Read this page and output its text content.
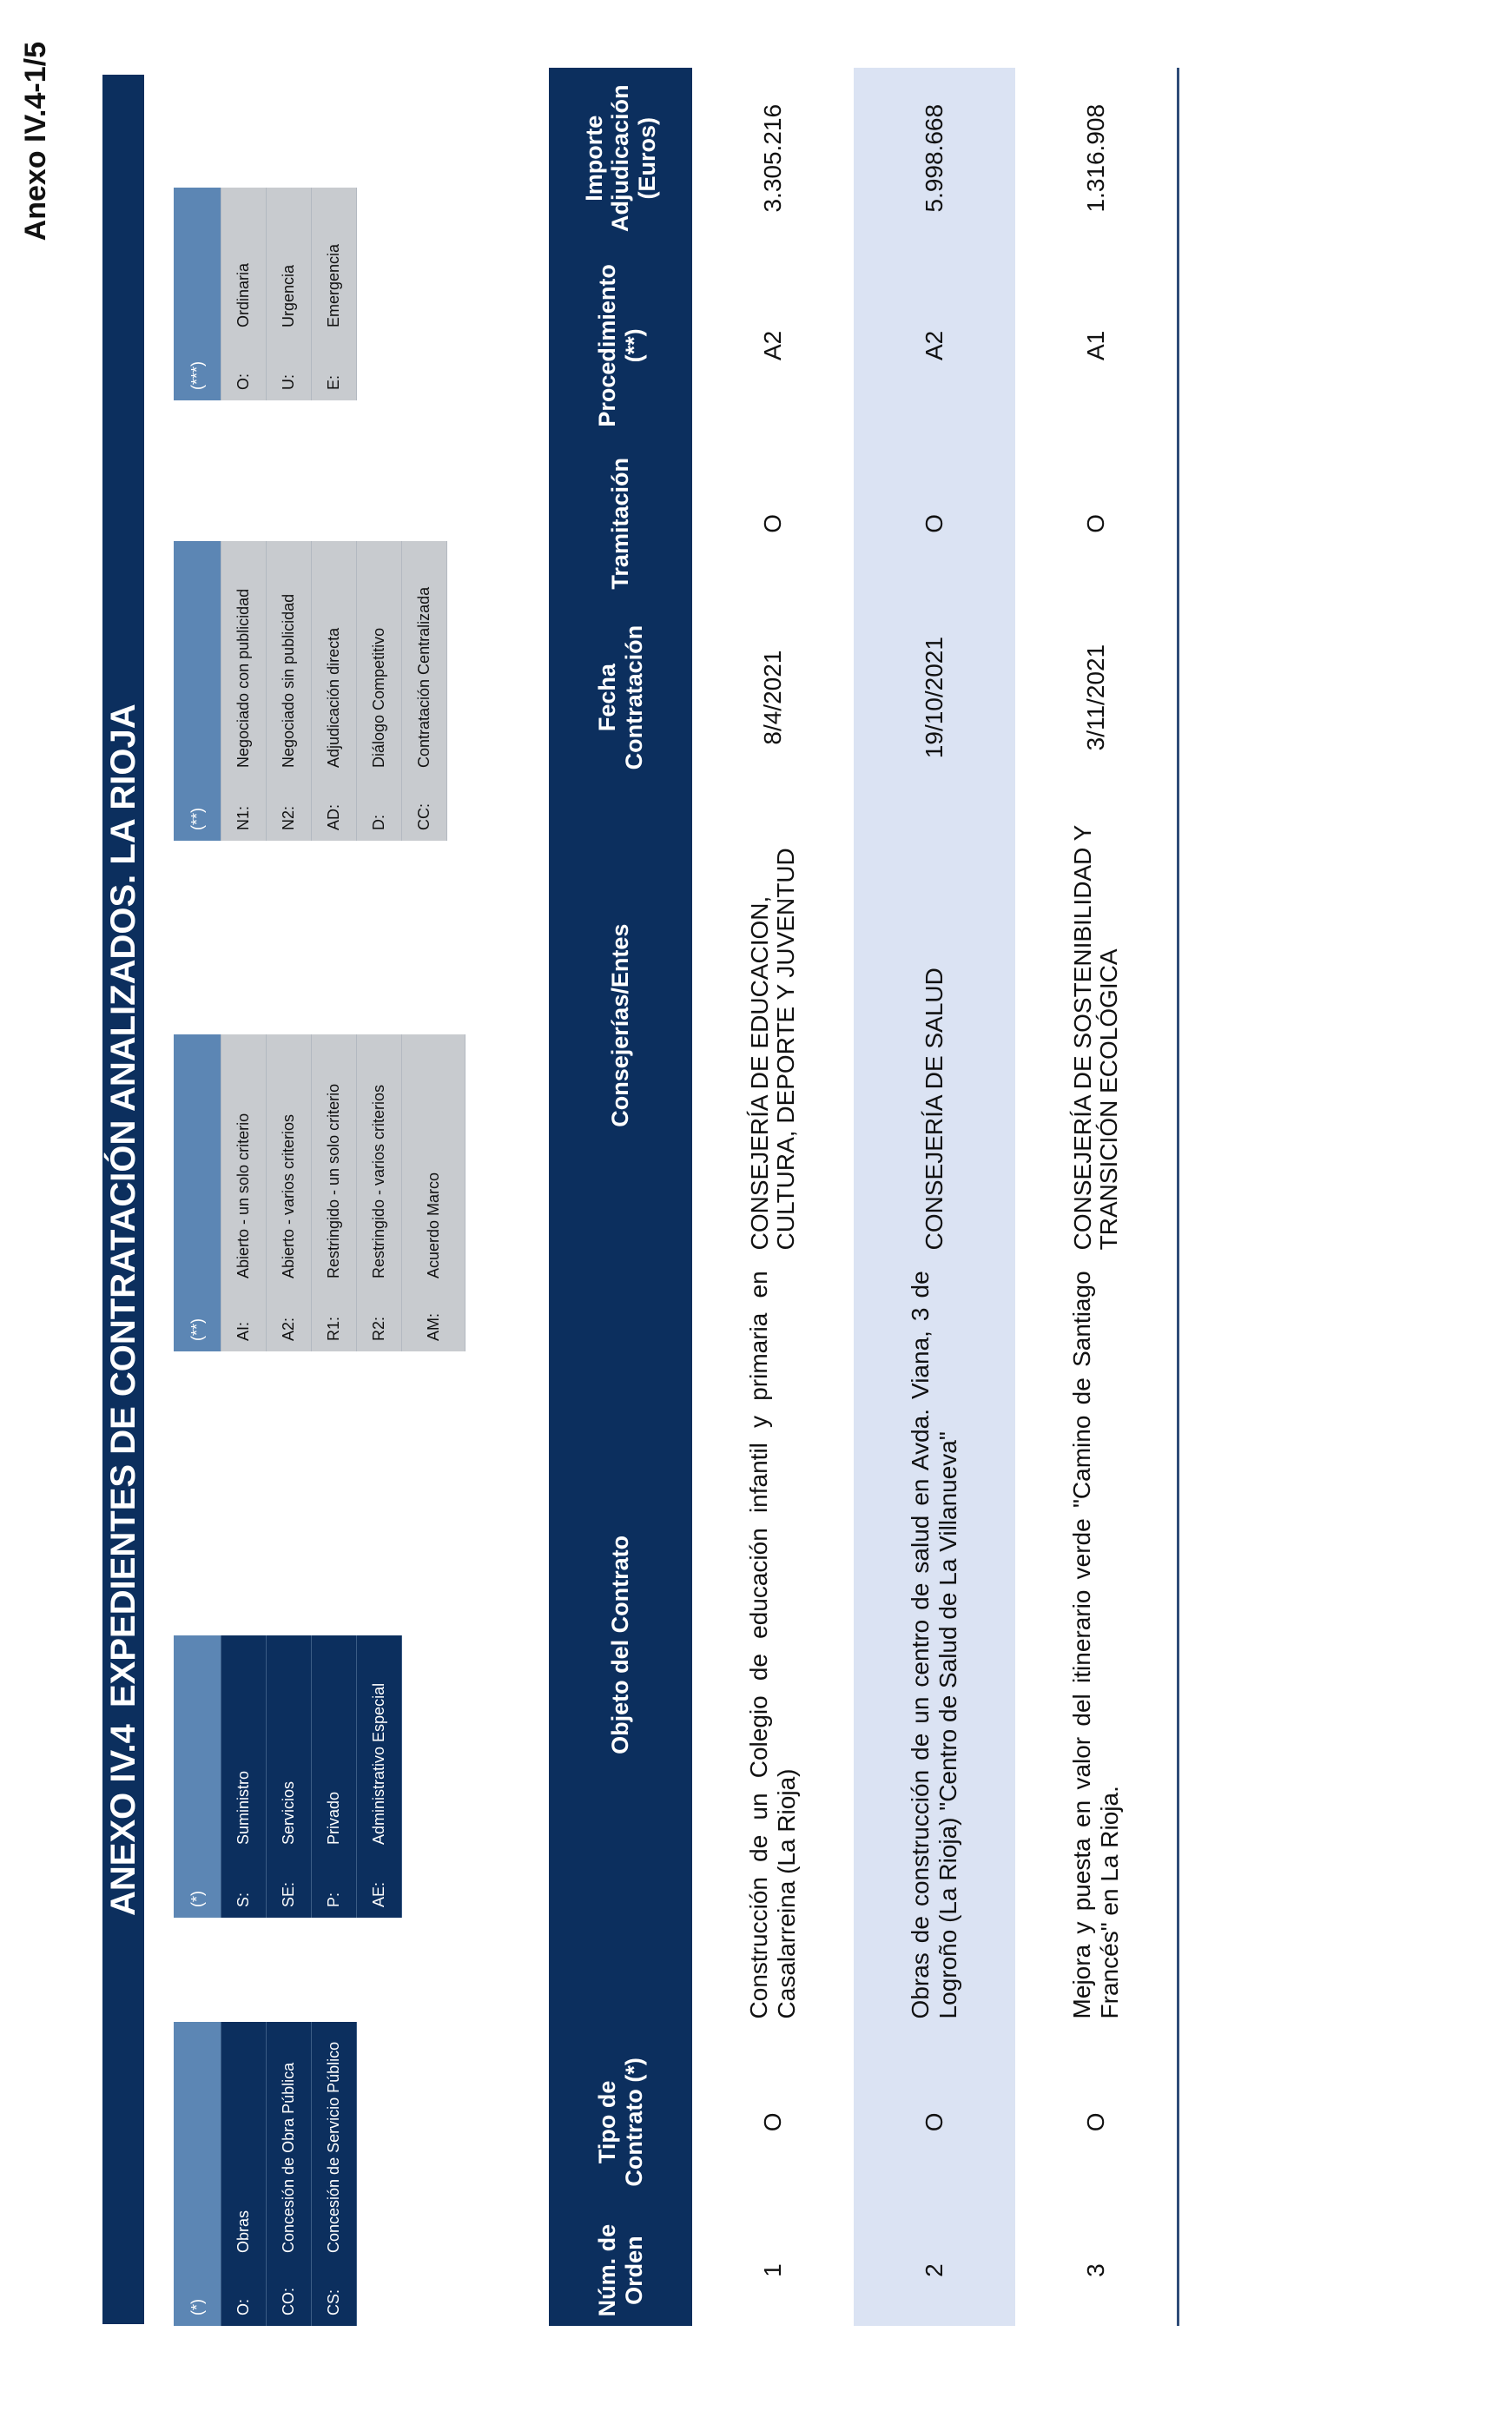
Anexo IV.4-1/5
ANEXO IV.4
EXPEDIENTES DE CONTRATACIÓN ANALIZADOS. LA RIOJA
(*)	
O:	Obras
CO:	Concesión de Obra Pública
CS:	Concesión de Servicio Público
(*)	
S:	Suministro
SE:	Servicios
P:	Privado
AE:	Administrativo Especial
(**)	
AI:	Abierto - un solo criterio
A2:	Abierto - varios criterios
R1:	Restringido - un solo criterio
R2:	Restringido - varios criterios
AM:	Acuerdo Marco
(**)	
N1:	Negociado con publicidad
N2:	Negociado sin publicidad
AD:	Adjudicación directa
D:	Diálogo Competitivo
CC:	Contratación Centralizada
(***)	
O:	Ordinaria
U:	Urgencia
E:	Emergencia
Núm. de Orden	Tipo de Contrato (*)	Objeto del Contrato	Consejerías/Entes	Fecha Contratación	Tramitación	Procedimiento (**)	Importe Adjudicación (Euros)
1	O	Construcción de un Colegio de educación infantil y primaria en Casalarreina (La Rioja)	CONSEJERÍA DE EDUCACION, CULTURA, DEPORTE Y JUVENTUD	8/4/2021	O	A2	3.305.216
2	O	Obras de construcción de un centro de salud en Avda. Viana, 3 de Logroño (La Rioja) "Centro de Salud de La Villanueva"	CONSEJERÍA DE SALUD	19/10/2021	O	A2	5.998.668
3	O	Mejora y puesta en valor del itinerario verde "Camino de Santiago Francés" en La Rioja.	CONSEJERÍA DE SOSTENIBILIDAD Y TRANSICIÓN ECOLÓGICA	3/11/2021	O	A1	1.316.908
